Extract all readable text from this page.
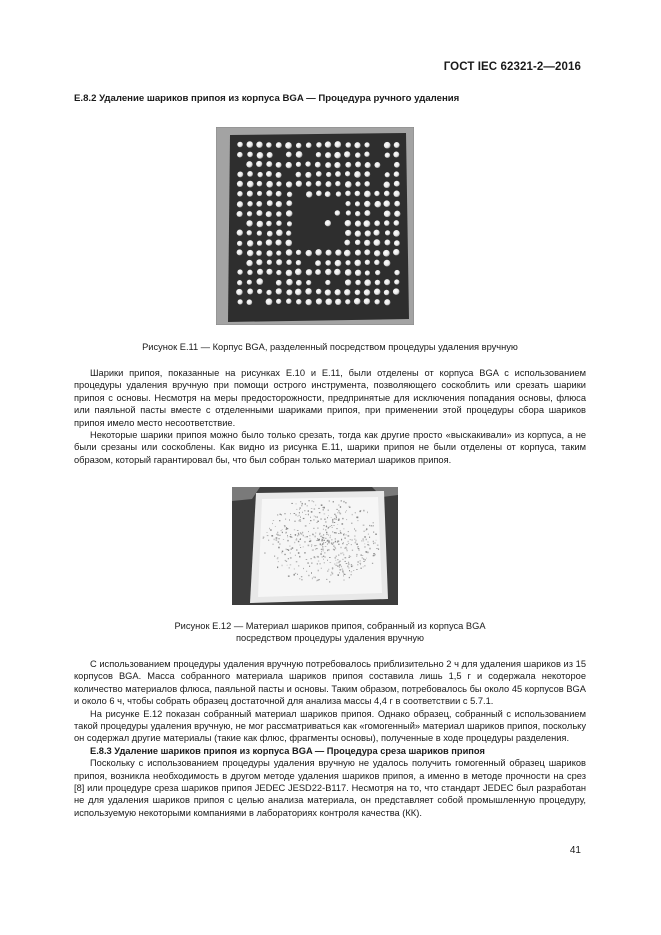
ГОСТ IEC 62321-2—2016
Е.8.2 Удаление шариков припоя из корпуса BGA — Процедура ручного удаления
Рисунок Е.11 — Корпус BGA, разделенный посредством процедуры удаления вручную

Шарики припоя, показанные на рисунках Е.10 и Е.11, были отделены от корпуса BGA с использованием процедуры удаления вручную при помощи острого инструмента, позволяющего соскоблить или срезать шарики припоя с основы. Несмотря на меры предосторожности, предпринятые для исключения попадания основы, флюса или паяльной пасты вместе с отделенными шариками припоя, при применении этой процедуры сбора шариков припоя имело место несоответствие.

Некоторые шарики припоя можно было только срезать, тогда как другие просто «выскакивали» из корпуса, а не были срезаны или соскоблены. Как видно из рисунка Е.11, шарики припоя не были отделены от корпуса, таким образом, который гарантировал бы, что был собран только материал шариков припоя.

Рисунок Е.12 — Материал шариков припоя, собранный из корпуса BGA
посредством процедуры удаления вручную

С использованием процедуры удаления вручную потребовалось приблизительно 2 ч для удаления шариков из 15 корпусов BGA. Масса собранного материала шариков припоя составила лишь 1,5 г и содержала некоторое количество материалов флюса, паяльной пасты и основы. Таким образом, потребовалось бы около 45 корпусов BGA и около 6 ч, чтобы собрать образец достаточной для анализа массы 4,4 г в соответствии с 5.7.1.

На рисунке Е.12 показан собранный материал шариков припоя. Однако образец, собранный с использованием такой процедуры удаления вручную, не мог рассматриваться как «гомогенный» материал шариков припоя, поскольку он содержал другие материалы (такие как флюс, фрагменты основы), полученные в ходе процедуры разделения.

Е.8.3 Удаление шариков припоя из корпуса BGA — Процедура среза шариков припоя

Поскольку с использованием процедуры удаления вручную не удалось получить гомогенный образец шариков припоя, возникла необходимость в другом методе удаления шариков припоя, а именно в методе прочности на срез [8] или процедуре среза шариков припоя JEDEC JESD22-B117. Несмотря на то, что стандарт JEDEC был разработан не для удаления шариков припоя с целью анализа материала, он представляет собой промышленную процедуру, используемую некоторыми компаниями в лабораториях контроля качества (КК).

41
